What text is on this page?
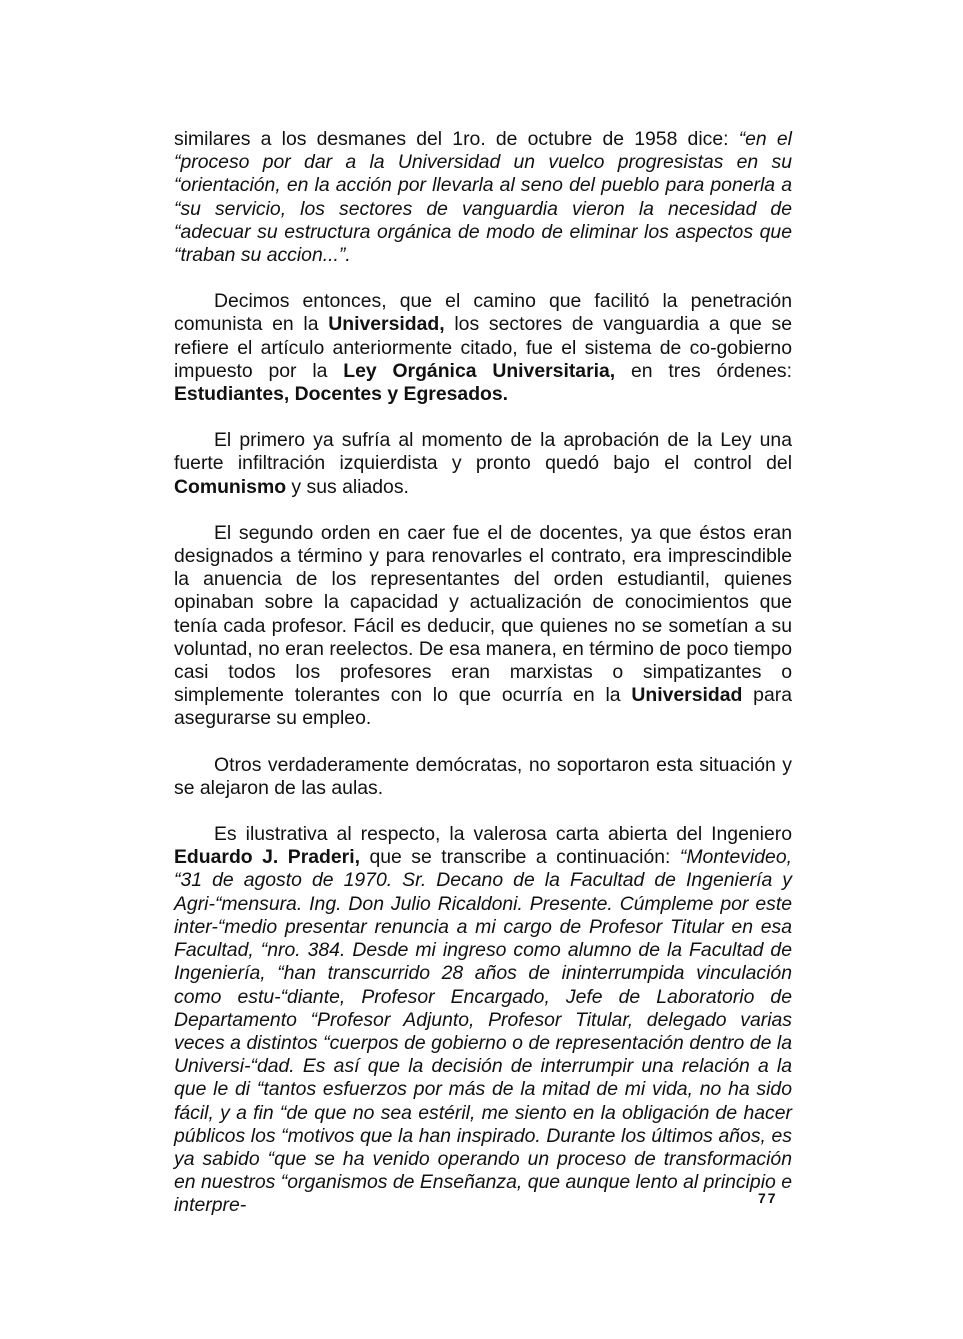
similares a los desmanes del 1ro. de octubre de 1958 dice: “en el “proceso por dar a la Universidad un vuelco progresistas en su “orientación, en la acción por llevarla al seno del pueblo para ponerla a “su servicio, los sectores de vanguardia vieron la necesidad de “adecuar su estructura orgánica de modo de eliminar los aspectos que “traban su accion...”.

Decimos entonces, que el camino que facilitó la penetración comunista en la Universidad, los sectores de vanguardia a que se refiere el artículo anteriormente citado, fue el sistema de co-gobierno impuesto por la Ley Orgánica Universitaria, en tres órdenes: Estudiantes, Docentes y Egresados.

El primero ya sufría al momento de la aprobación de la Ley una fuerte infiltración izquierdista y pronto quedó bajo el control del Comunismo y sus aliados.

El segundo orden en caer fue el de docentes, ya que éstos eran designados a término y para renovarles el contrato, era imprescindible la anuencia de los representantes del orden estudiantil, quienes opinaban sobre la capacidad y actualización de conocimientos que tenía cada profesor. Fácil es deducir, que quienes no se sometían a su voluntad, no eran reelectos. De esa manera, en término de poco tiempo casi todos los profesores eran marxistas o simpatizantes o simplemente tolerantes con lo que ocurría en la Universidad para asegurarse su empleo.

Otros verdaderamente demócratas, no soportaron esta situación y se alejaron de las aulas.

Es ilustrativa al respecto, la valerosa carta abierta del Ingeniero Eduardo J. Praderi, que se transcribe a continuación: “Montevideo, “31 de agosto de 1970. Sr. Decano de la Facultad de Ingeniería y Agri-“mensura. Ing. Don Julio Ricaldoni. Presente. Cúmpleme por este inter-“medio presentar renuncia a mi cargo de Profesor Titular en esa Facultad, “nro. 384. Desde mi ingreso como alumno de la Facultad de Ingeniería, “han transcurrido 28 años de ininterrumpida vinculación como estu-“diante, Profesor Encargado, Jefe de Laboratorio de Departamento “Profesor Adjunto, Profesor Titular, delegado varias veces a distintos “cuerpos de gobierno o de representación dentro de la Universi-“dad. Es así que la decisión de interrumpir una relación a la que le di “tantos esfuerzos por más de la mitad de mi vida, no ha sido fácil, y a fin “de que no sea estéril, me siento en la obligación de hacer públicos los “motivos que la han inspirado. Durante los últimos años, es ya sabido “que se ha venido operando un proceso de transformación en nuestros “organismos de Enseñanza, que aunque lento al principio e interpre-	77
